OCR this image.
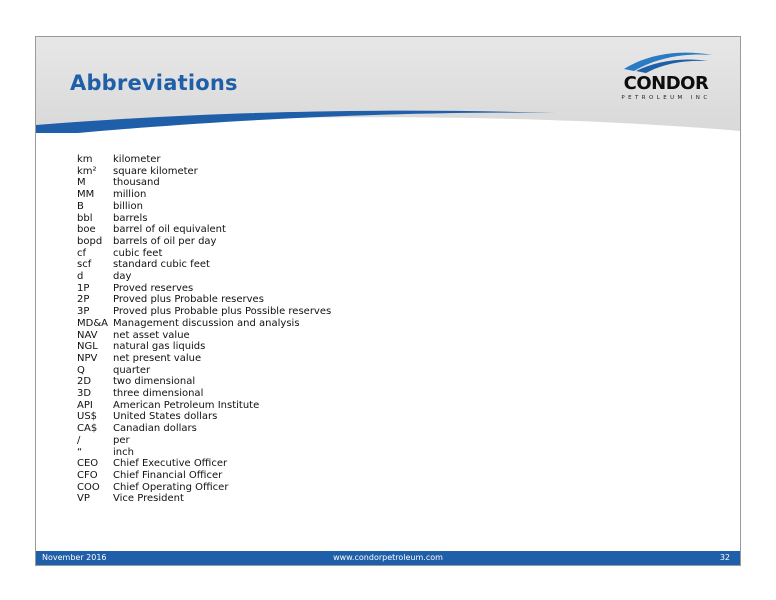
Abbreviations	CONDOR
PETROLEUM INC
km	kilometer
km²	square kilometer
M	thousand
MM	million
B	billion
bbl	barrels
boe	barrel of oil equivalent
bopd	barrels of oil per day
cf	cubic feet
scf	standard cubic feet
d	day
1P	Proved reserves
2P	Proved plus Probable reserves
3P	Proved plus Probable plus Possible reserves
MD&A Management discussion and analysis
NAV	net asset value
NGL	natural gas liquids
NPV	net present value
Q	quarter
2D	two dimensional
3D	three dimensional
API	American Petroleum Institute
US$	United States dollars
CA$	Canadian dollars
/	per
“	inch
CEO	Chief Executive Officer
CFO	Chief Financial Officer
COO	Chief Operating Officer
VP	Vice President
November 2016	www.condorpetroleum.com	32
